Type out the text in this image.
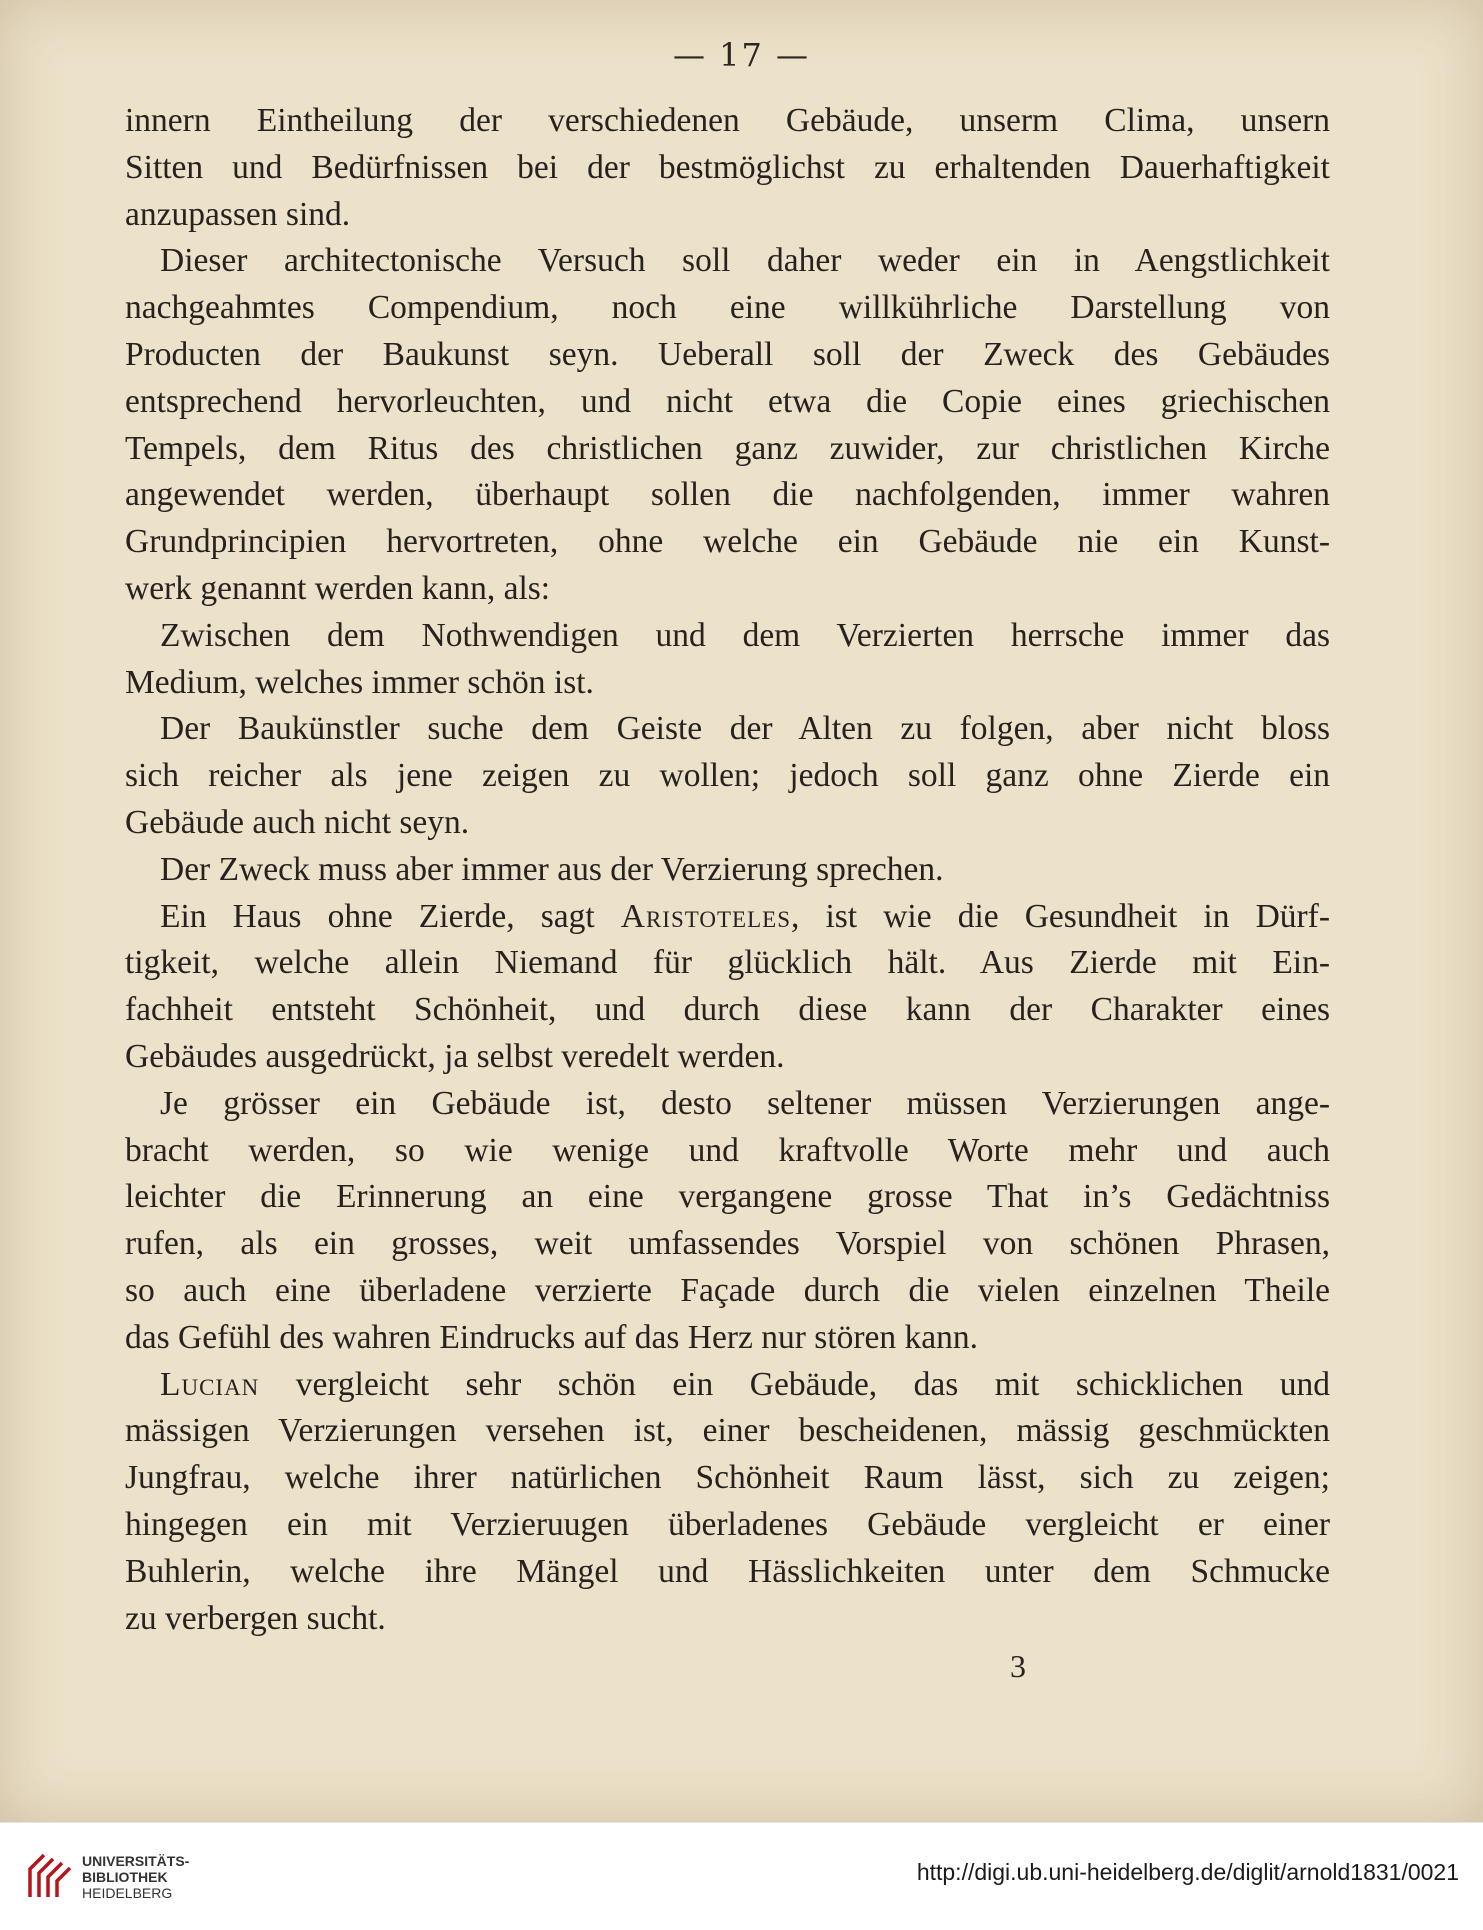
— 17 —

innern Eintheilung der verschiedenen Gebäude, unserm Clima, unsern

Sitten und Bedürfnissen bei der bestmöglichst zu erhaltenden Dauerhaftigkeit

anzupassen sind.

Dieser architectonische Versuch soll daher weder ein in Aengstlichkeit

nachgeahmtes Compendium, noch eine willkührliche Darstellung von

Producten der Baukunst seyn. Ueberall soll der Zweck des Gebäudes

entsprechend hervorleuchten, und nicht etwa die Copie eines griechischen

Tempels, dem Ritus des christlichen ganz zuwider, zur christlichen Kirche

angewendet werden, überhaupt sollen die nachfolgenden, immer wahren

Grundprincipien hervortreten, ohne welche ein Gebäude nie ein Kunst-

werk genannt werden kann, als:

Zwischen dem Nothwendigen und dem Verzierten herrsche immer das

Medium, welches immer schön ist.

Der Baukünstler suche dem Geiste der Alten zu folgen, aber nicht bloss

sich reicher als jene zeigen zu wollen; jedoch soll ganz ohne Zierde ein

Gebäude auch nicht seyn.

Der Zweck muss aber immer aus der Verzierung sprechen.

Ein Haus ohne Zierde, sagt Aristoteles, ist wie die Gesundheit in Dürf-

tigkeit, welche allein Niemand für glücklich hält. Aus Zierde mit Ein-

fachheit entsteht Schönheit, und durch diese kann der Charakter eines

Gebäudes ausgedrückt, ja selbst veredelt werden.

Je grösser ein Gebäude ist, desto seltener müssen Verzierungen ange-

bracht werden, so wie wenige und kraftvolle Worte mehr und auch

leichter die Erinnerung an eine vergangene grosse That in’s Gedächtniss

rufen, als ein grosses, weit umfassendes Vorspiel von schönen Phrasen,

so auch eine überladene verzierte Façade durch die vielen einzelnen Theile

das Gefühl des wahren Eindrucks auf das Herz nur stören kann.

Lucian vergleicht sehr schön ein Gebäude, das mit schicklichen und

mässigen Verzierungen versehen ist, einer bescheidenen, mässig geschmückten

Jungfrau, welche ihrer natürlichen Schönheit Raum lässt, sich zu zeigen;

hingegen ein mit Verzieruugen überladenes Gebäude vergleicht er einer

Buhlerin, welche ihre Mängel und Hässlichkeiten unter dem Schmucke

zu verbergen sucht.

3
UNIVERSITÄTS-
BIBLIOTHEK
HEIDELBERG
http://digi.ub.uni-heidelberg.de/diglit/arnold1831/0021
